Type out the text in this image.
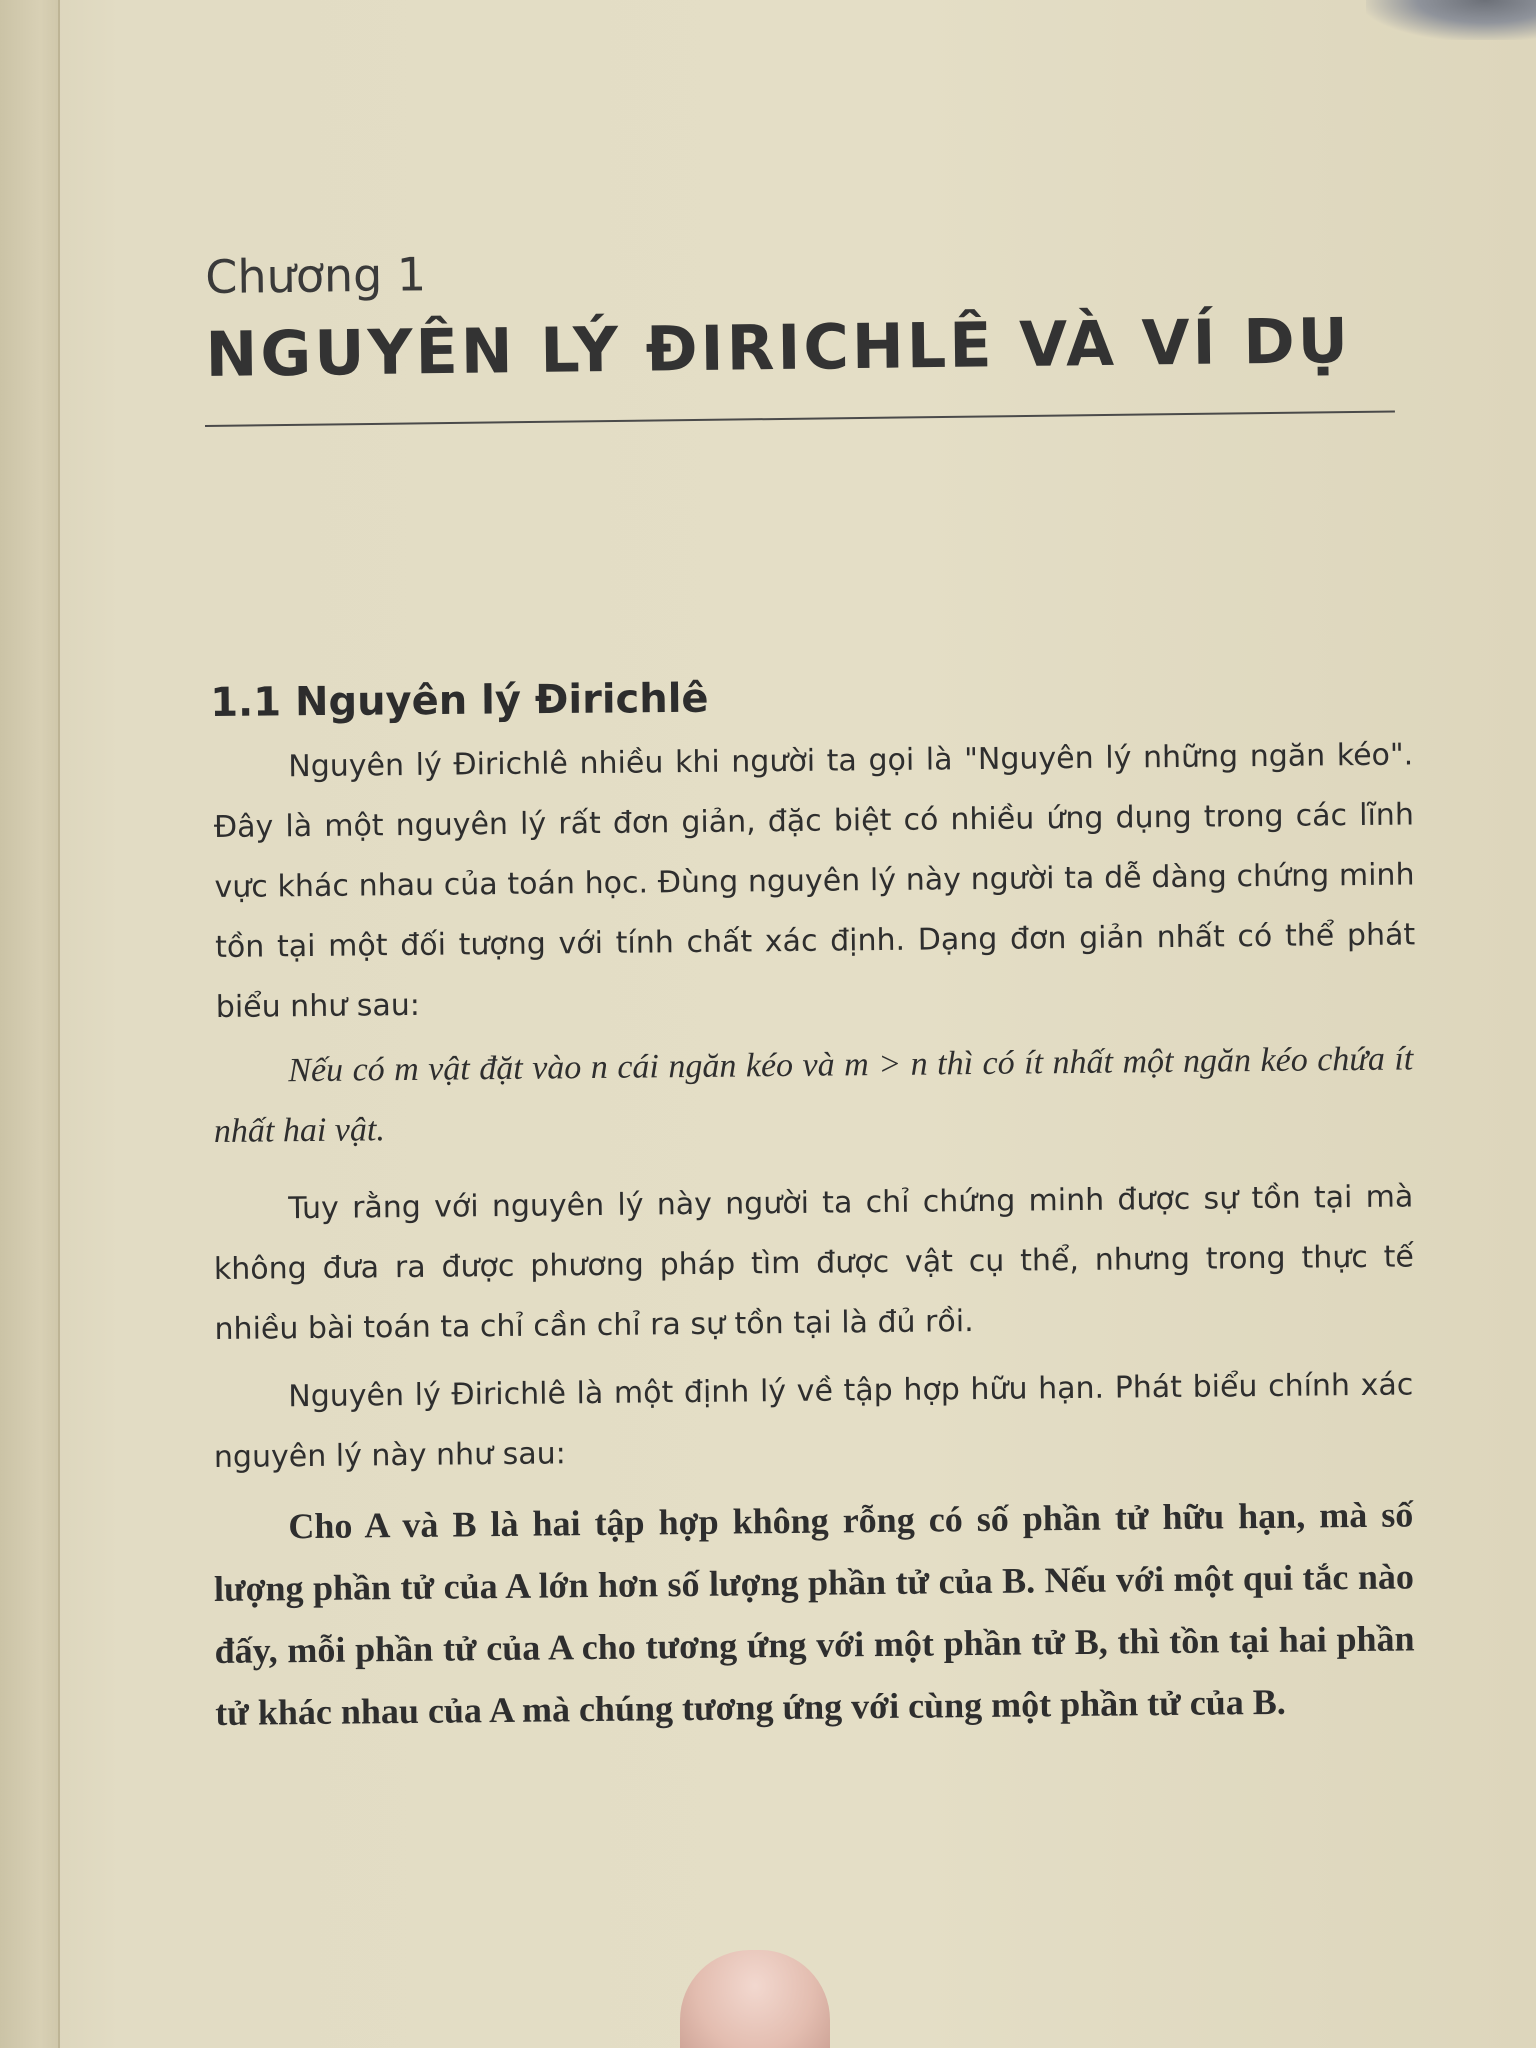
Chương 1
NGUYÊN LÝ ĐIRICHLÊ VÀ VÍ DỤ
1.1 Nguyên lý Đirichlê
Nguyên lý Đirichlê nhiều khi người ta gọi là "Nguyên lý những ngăn kéo". Đây là một nguyên lý rất đơn giản, đặc biệt có nhiều ứng dụng trong các lĩnh vực khác nhau của toán học. Đùng nguyên lý này người ta dễ dàng chứng minh tồn tại một đối tượng với tính chất xác định. Dạng đơn giản nhất có thể phát biểu như sau:
Nếu có m vật đặt vào n cái ngăn kéo và m > n thì có ít nhất một ngăn kéo chứa ít nhất hai vật.
Tuy rằng với nguyên lý này người ta chỉ chứng minh được sự tồn tại mà không đưa ra được phương pháp tìm được vật cụ thể, nhưng trong thực tế nhiều bài toán ta chỉ cần chỉ ra sự tồn tại là đủ rồi.
Nguyên lý Đirichlê là một định lý về tập hợp hữu hạn. Phát biểu chính xác nguyên lý này như sau:
Cho A và B là hai tập hợp không rỗng có số phần tử hữu hạn, mà số lượng phần tử của A lớn hơn số lượng phần tử của B. Nếu với một qui tắc nào đấy, mỗi phần tử của A cho tương ứng với một phần tử B, thì tồn tại hai phần tử khác nhau của A mà chúng tương ứng với cùng một phần tử của B.
